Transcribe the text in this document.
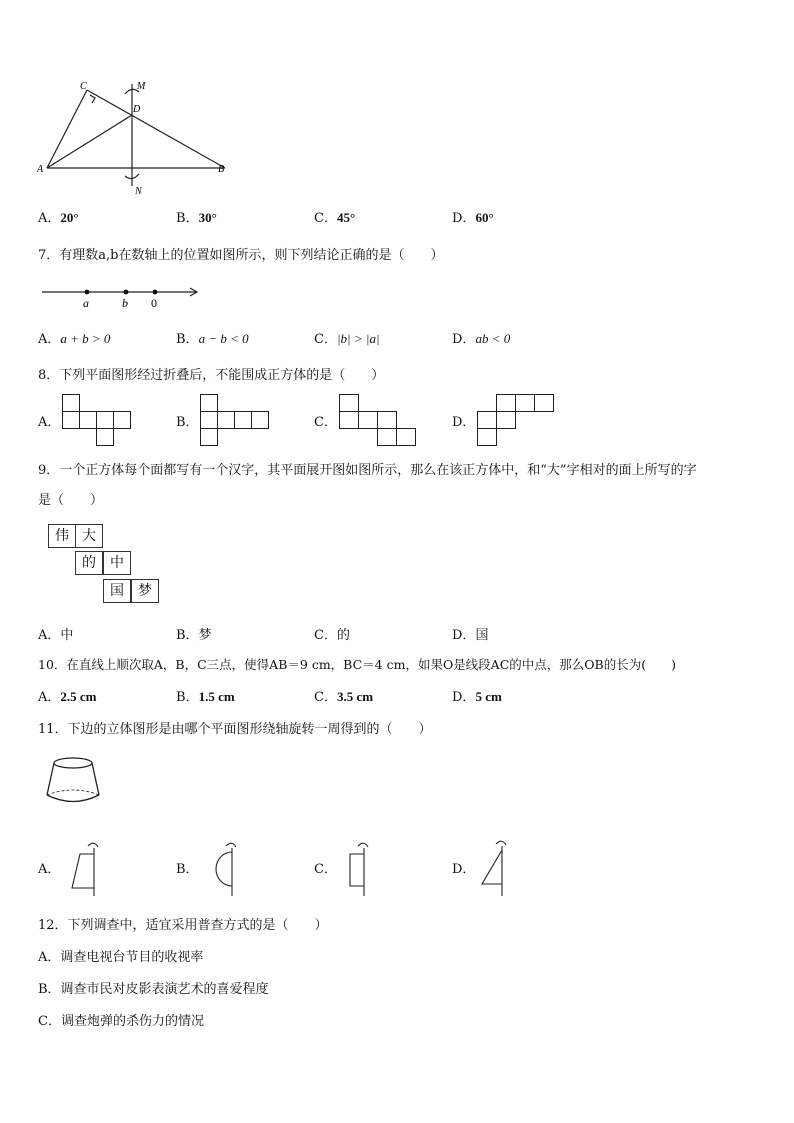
C	M
D
A	B
N
A．20°	B．30°	C．45°	D．60°
7．有理数a,b在数轴上的位置如图所示，则下列结论正确的是（　　）
a	b 0
A．a + b > 0	B．a − b < 0	C．|b| > |a|	D．ab < 0
8．下列平面图形经过折叠后，不能围成正方体的是（　　）
A．	B．	C．	D．
9．一个正方体每个面都写有一个汉字，其平面展开图如图所示，那么在该正方体中，和“大”字相对的面上所写的字
是（　　）
伟 大
的	中
国	梦
A．中	B．梦	C．的	D．国
10．在直线上顺次取A，B，C三点，使得AB＝9 cm，BC＝4 cm，如果O是线段AC的中点，那么OB的长为(　　)
A．2.5 cm	B．1.5 cm	C．3.5 cm	D．5 cm
11．下边的立体图形是由哪个平面图形绕轴旋转一周得到的（　　）
A．	B．	C．	D．
12．下列调查中，适宜采用普查方式的是（　　）
A．调查电视台节目的收视率
B．调查市民对皮影表演艺术的喜爱程度
C．调查炮弹的杀伤力的情况
